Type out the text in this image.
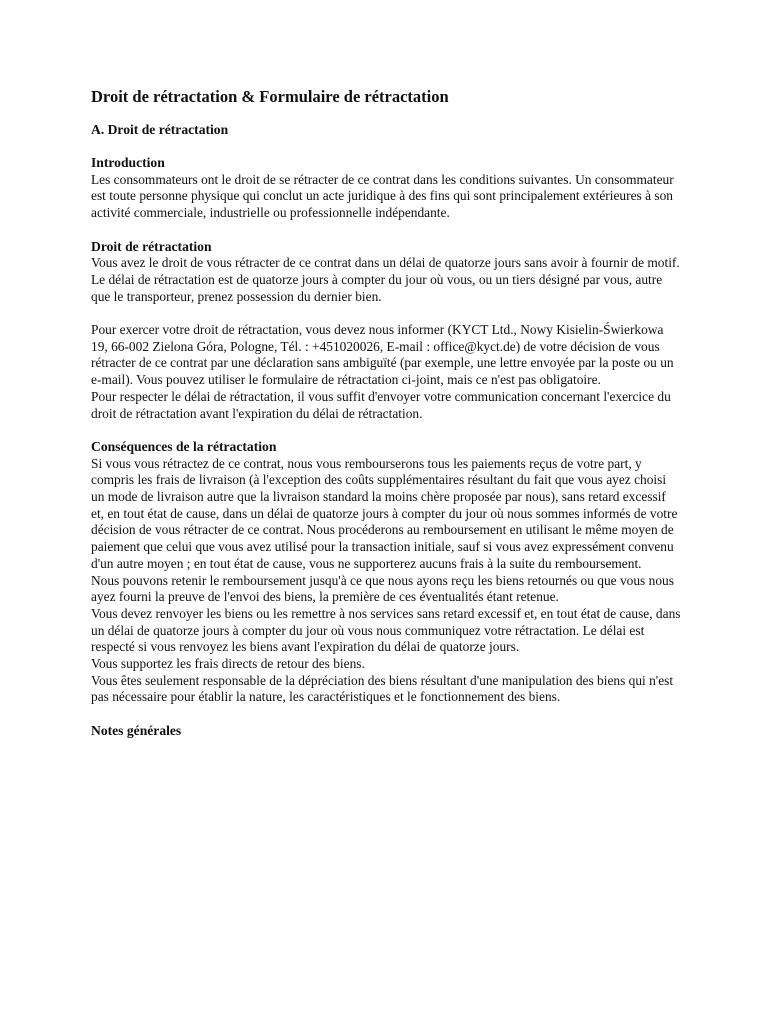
Droit de rétractation & Formulaire de rétractation
A. Droit de rétractation
Introduction

Les consommateurs ont le droit de se rétracter de ce contrat dans les conditions suivantes. Un consommateur est toute personne physique qui conclut un acte juridique à des fins qui sont principalement extérieures à son activité commerciale, industrielle ou professionnelle indépendante.

Droit de rétractation

Vous avez le droit de vous rétracter de ce contrat dans un délai de quatorze jours sans avoir à fournir de motif.

Le délai de rétractation est de quatorze jours à compter du jour où vous, ou un tiers désigné par vous, autre que le transporteur, prenez possession du dernier bien.

Pour exercer votre droit de rétractation, vous devez nous informer (KYCT Ltd., Nowy Kisielin-Świerkowa 19, 66-002 Zielona Góra, Pologne, Tél. : +451020026, E-mail : office@kyct.de) de votre décision de vous rétracter de ce contrat par une déclaration sans ambiguïté (par exemple, une lettre envoyée par la poste ou un e-mail). Vous pouvez utiliser le formulaire de rétractation ci-joint, mais ce n'est pas obligatoire.

Pour respecter le délai de rétractation, il vous suffit d'envoyer votre communication concernant l'exercice du droit de rétractation avant l'expiration du délai de rétractation.

Conséquences de la rétractation

Si vous vous rétractez de ce contrat, nous vous rembourserons tous les paiements reçus de votre part, y compris les frais de livraison (à l'exception des coûts supplémentaires résultant du fait que vous ayez choisi un mode de livraison autre que la livraison standard la moins chère proposée par nous), sans retard excessif et, en tout état de cause, dans un délai de quatorze jours à compter du jour où nous sommes informés de votre décision de vous rétracter de ce contrat. Nous procéderons au remboursement en utilisant le même moyen de paiement que celui que vous avez utilisé pour la transaction initiale, sauf si vous avez expressément convenu d'un autre moyen ; en tout état de cause, vous ne supporterez aucuns frais à la suite du remboursement.

Nous pouvons retenir le remboursement jusqu'à ce que nous ayons reçu les biens retournés ou que vous nous ayez fourni la preuve de l'envoi des biens, la première de ces éventualités étant retenue.

Vous devez renvoyer les biens ou les remettre à nos services sans retard excessif et, en tout état de cause, dans un délai de quatorze jours à compter du jour où vous nous communiquez votre rétractation. Le délai est respecté si vous renvoyez les biens avant l'expiration du délai de quatorze jours.

Vous supportez les frais directs de retour des biens.

Vous êtes seulement responsable de la dépréciation des biens résultant d'une manipulation des biens qui n'est pas nécessaire pour établir la nature, les caractéristiques et le fonctionnement des biens.

Notes générales
